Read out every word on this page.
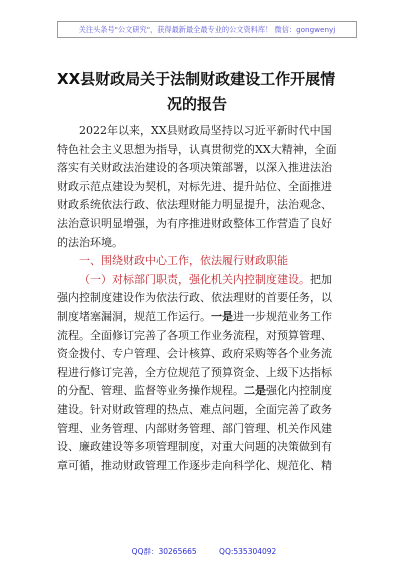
关注头条号"公文研究"，获得最新最全最专业的公文资料库！ 微信：gongwenyj
XX县财政局关于法制财政建设工作开展情
况的报告
2022年以来，XX县财政局坚持以习近平新时代中国
特色社会主义思想为指导，认真贯彻党的XX大精神，全面
落实有关财政法治建设的各项决策部署，以深入推进法治
财政示范点建设为契机，对标先进、提升站位、全面推进
财政系统依法行政、依法理财能力明显提升，法治观念、
法治意识明显增强，为有序推进财政整体工作营造了良好
的法治环境。
一、围绕财政中心工作，依法履行财政职能
（一）对标部门职责，强化机关内控制度建设。把加
强内控制度建设作为依法行政、依法理财的首要任务，以
制度堵塞漏洞，规范工作运行。一是进一步规范业务工作
流程。全面修订完善了各项工作业务流程，对预算管理、
资金拨付、专户管理、会计核算、政府采购等各个业务流
程进行修订完善，全方位规范了预算资金、上级下达指标
的分配、管理、监督等业务操作规程。二是强化内控制度
建设。针对财政管理的热点、难点问题，全面完善了政务
管理、业务管理、内部财务管理、部门管理、机关作风建
设、廉政建设等多项管理制度，对重大问题的决策做到有
章可循，推动财政管理工作逐步走向科学化、规范化、精
QQ群：30265665	QQ:535304092
